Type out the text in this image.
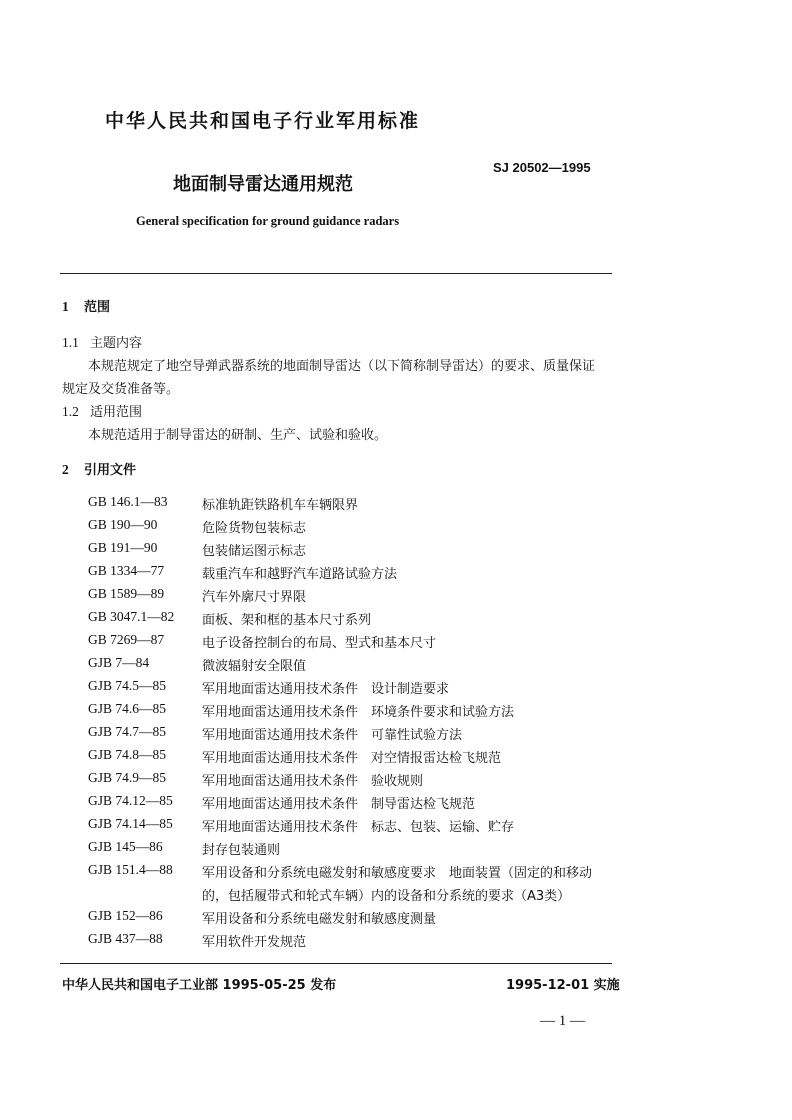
中华人民共和国电子行业军用标准
地面制导雷达通用规范
SJ 20502—1995
General specification for ground guidance radars
1 范围
1.1 主题内容
本规范规定了地空导弹武器系统的地面制导雷达（以下简称制导雷达）的要求、质量保证
规定及交货准备等。
1.2 适用范围
本规范适用于制导雷达的研制、生产、试验和验收。
2 引用文件
GB 146.1—83	标准轨距铁路机车车辆限界
GB 190—90	危险货物包装标志
GB 191—90	包装储运图示标志
GB 1334—77	载重汽车和越野汽车道路试验方法
GB 1589—89	汽车外廓尺寸界限
GB 3047.1—82 面板、架和框的基本尺寸系列
GB 7269—87	电子设备控制台的布局、型式和基本尺寸
GJB 7—84	微波辐射安全限值
GJB 74.5—85	军用地面雷达通用技术条件　设计制造要求
GJB 74.6—85	军用地面雷达通用技术条件　环境条件要求和试验方法
GJB 74.7—85	军用地面雷达通用技术条件　可靠性试验方法
GJB 74.8—85	军用地面雷达通用技术条件　对空情报雷达检飞规范
GJB 74.9—85	军用地面雷达通用技术条件　验收规则
GJB 74.12—85 军用地面雷达通用技术条件　制导雷达检飞规范
GJB 74.14—85 军用地面雷达通用技术条件　标志、包装、运输、贮存
GJB 145—86	封存包装通则
GJB 151.4—88 军用设备和分系统电磁发射和敏感度要求　地面装置（固定的和移动
的，包括履带式和轮式车辆）内的设备和分系统的要求（A3类）
GJB 152—86	军用设备和分系统电磁发射和敏感度测量
GJB 437—88	军用软件开发规范
中华人民共和国电子工业部 1995-05-25 发布	1995-12-01 实施
— 1 —
